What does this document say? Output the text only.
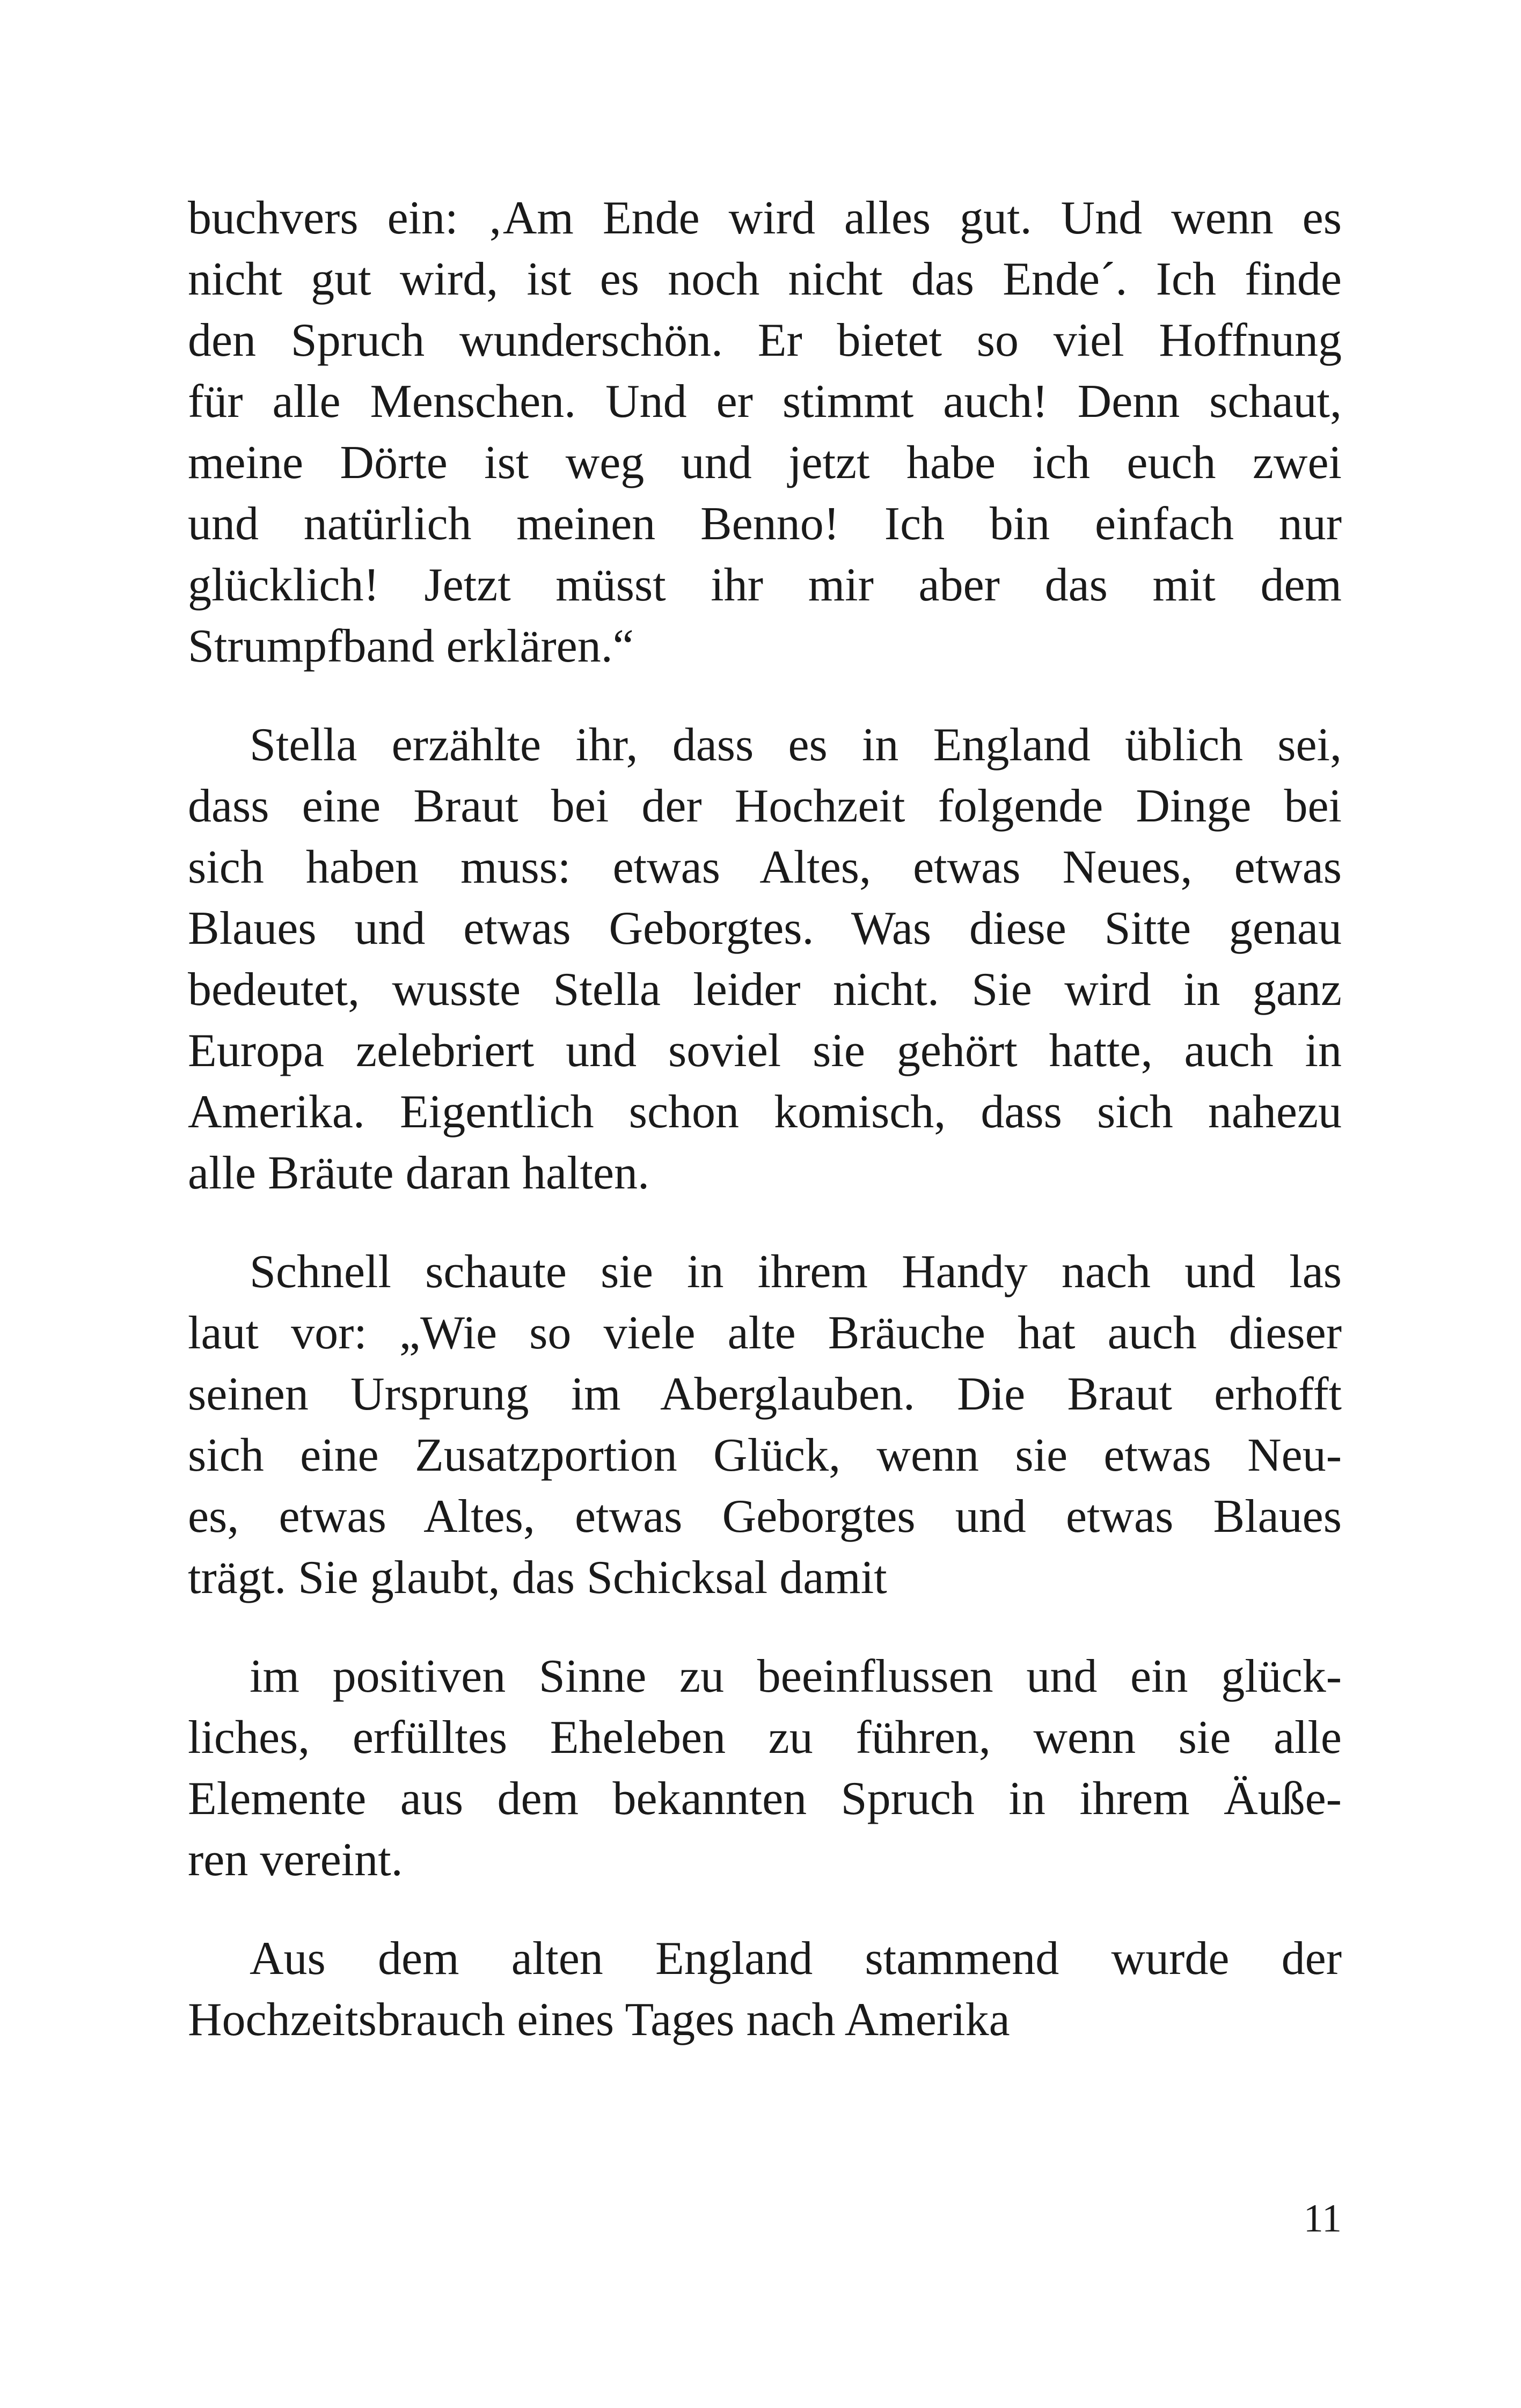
buchvers ein: ‚Am Ende wird alles gut. Und wenn es
nicht gut wird, ist es noch nicht das Ende´. Ich finde
den Spruch wunderschön. Er bietet so viel Hoffnung
für alle Menschen. Und er stimmt auch! Denn schaut,
meine Dörte ist weg und jetzt habe ich euch zwei
und natürlich meinen Benno! Ich bin einfach nur
glücklich! Jetzt müsst ihr mir aber das mit dem
Strumpfband erklären.“
Stella erzählte ihr, dass es in England üblich sei,
dass eine Braut bei der Hochzeit folgende Dinge bei
sich haben muss: etwas Altes, etwas Neues, etwas
Blaues und etwas Geborgtes. Was diese Sitte genau
bedeutet, wusste Stella leider nicht. Sie wird in ganz
Europa zelebriert und soviel sie gehört hatte, auch in
Amerika. Eigentlich schon komisch, dass sich nahezu
alle Bräute daran halten.
Schnell schaute sie in ihrem Handy nach und las
laut vor: „Wie so viele alte Bräuche hat auch dieser
seinen Ursprung im Aberglauben. Die Braut erhofft
sich eine Zusatzportion Glück, wenn sie etwas Neu-
es, etwas Altes, etwas Geborgtes und etwas Blaues
trägt. Sie glaubt, das Schicksal damit
im positiven Sinne zu beeinflussen und ein glück-
liches, erfülltes Eheleben zu führen, wenn sie alle
Elemente aus dem bekannten Spruch in ihrem Äuße-
ren vereint.
Aus dem alten England stammend wurde der
Hochzeitsbrauch eines Tages nach Amerika
11
